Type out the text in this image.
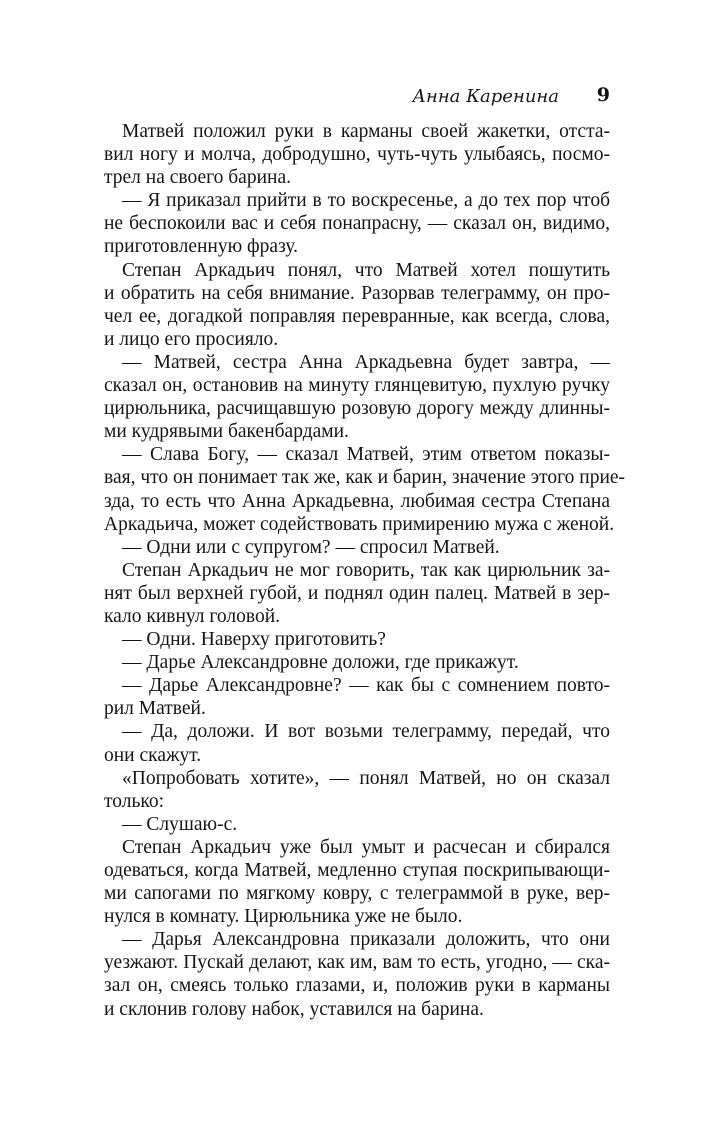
Анна Каренина 9
Матвей положил руки в карманы своей жакетки, отста-
вил ногу и молча, добродушно, чуть-чуть улыбаясь, посмо-
трел на своего барина.
— Я приказал прийти в то воскресенье, а до тех пор чтоб
не беспокоили вас и себя понапрасну, — сказал он, видимо,
приготовленную фразу.
Степан Аркадьич понял, что Матвей хотел пошутить
и обратить на себя внимание. Разорвав телеграмму, он про-
чел ее, догадкой поправляя перевранные, как всегда, слова,
и лицо его просияло.
— Матвей, сестра Анна Аркадьевна будет завтра, —
сказал он, остановив на минуту глянцевитую, пухлую ручку
цирюльника, расчищавшую розовую дорогу между длинны-
ми кудрявыми бакенбардами.
— Слава Богу, — сказал Матвей, этим ответом показы-
вая, что он понимает так же, как и барин, значение этого прие-
зда, то есть что Анна Аркадьевна, любимая сестра Степана
Аркадьича, может содействовать примирению мужа с женой.
— Одни или с супругом? — спросил Матвей.
Степан Аркадьич не мог говорить, так как цирюльник за-
нят был верхней губой, и поднял один палец. Матвей в зер-
кало кивнул головой.
— Одни. Наверху приготовить?
— Дарье Александровне доложи, где прикажут.
— Дарье Александровне? — как бы с сомнением повто-
рил Матвей.
— Да, доложи. И вот возьми телеграмму, передай, что
они скажут.
«Попробовать хотите», — понял Матвей, но он сказал
только:
— Слушаю-с.
Степан Аркадьич уже был умыт и расчесан и сбирался
одеваться, когда Матвей, медленно ступая поскрипывающи-
ми сапогами по мягкому ковру, с телеграммой в руке, вер-
нулся в комнату. Цирюльника уже не было.
— Дарья Александровна приказали доложить, что они
уезжают. Пускай делают, как им, вам то есть, угодно, — ска-
зал он, смеясь только глазами, и, положив руки в карманы
и склонив голову набок, уставился на барина.
